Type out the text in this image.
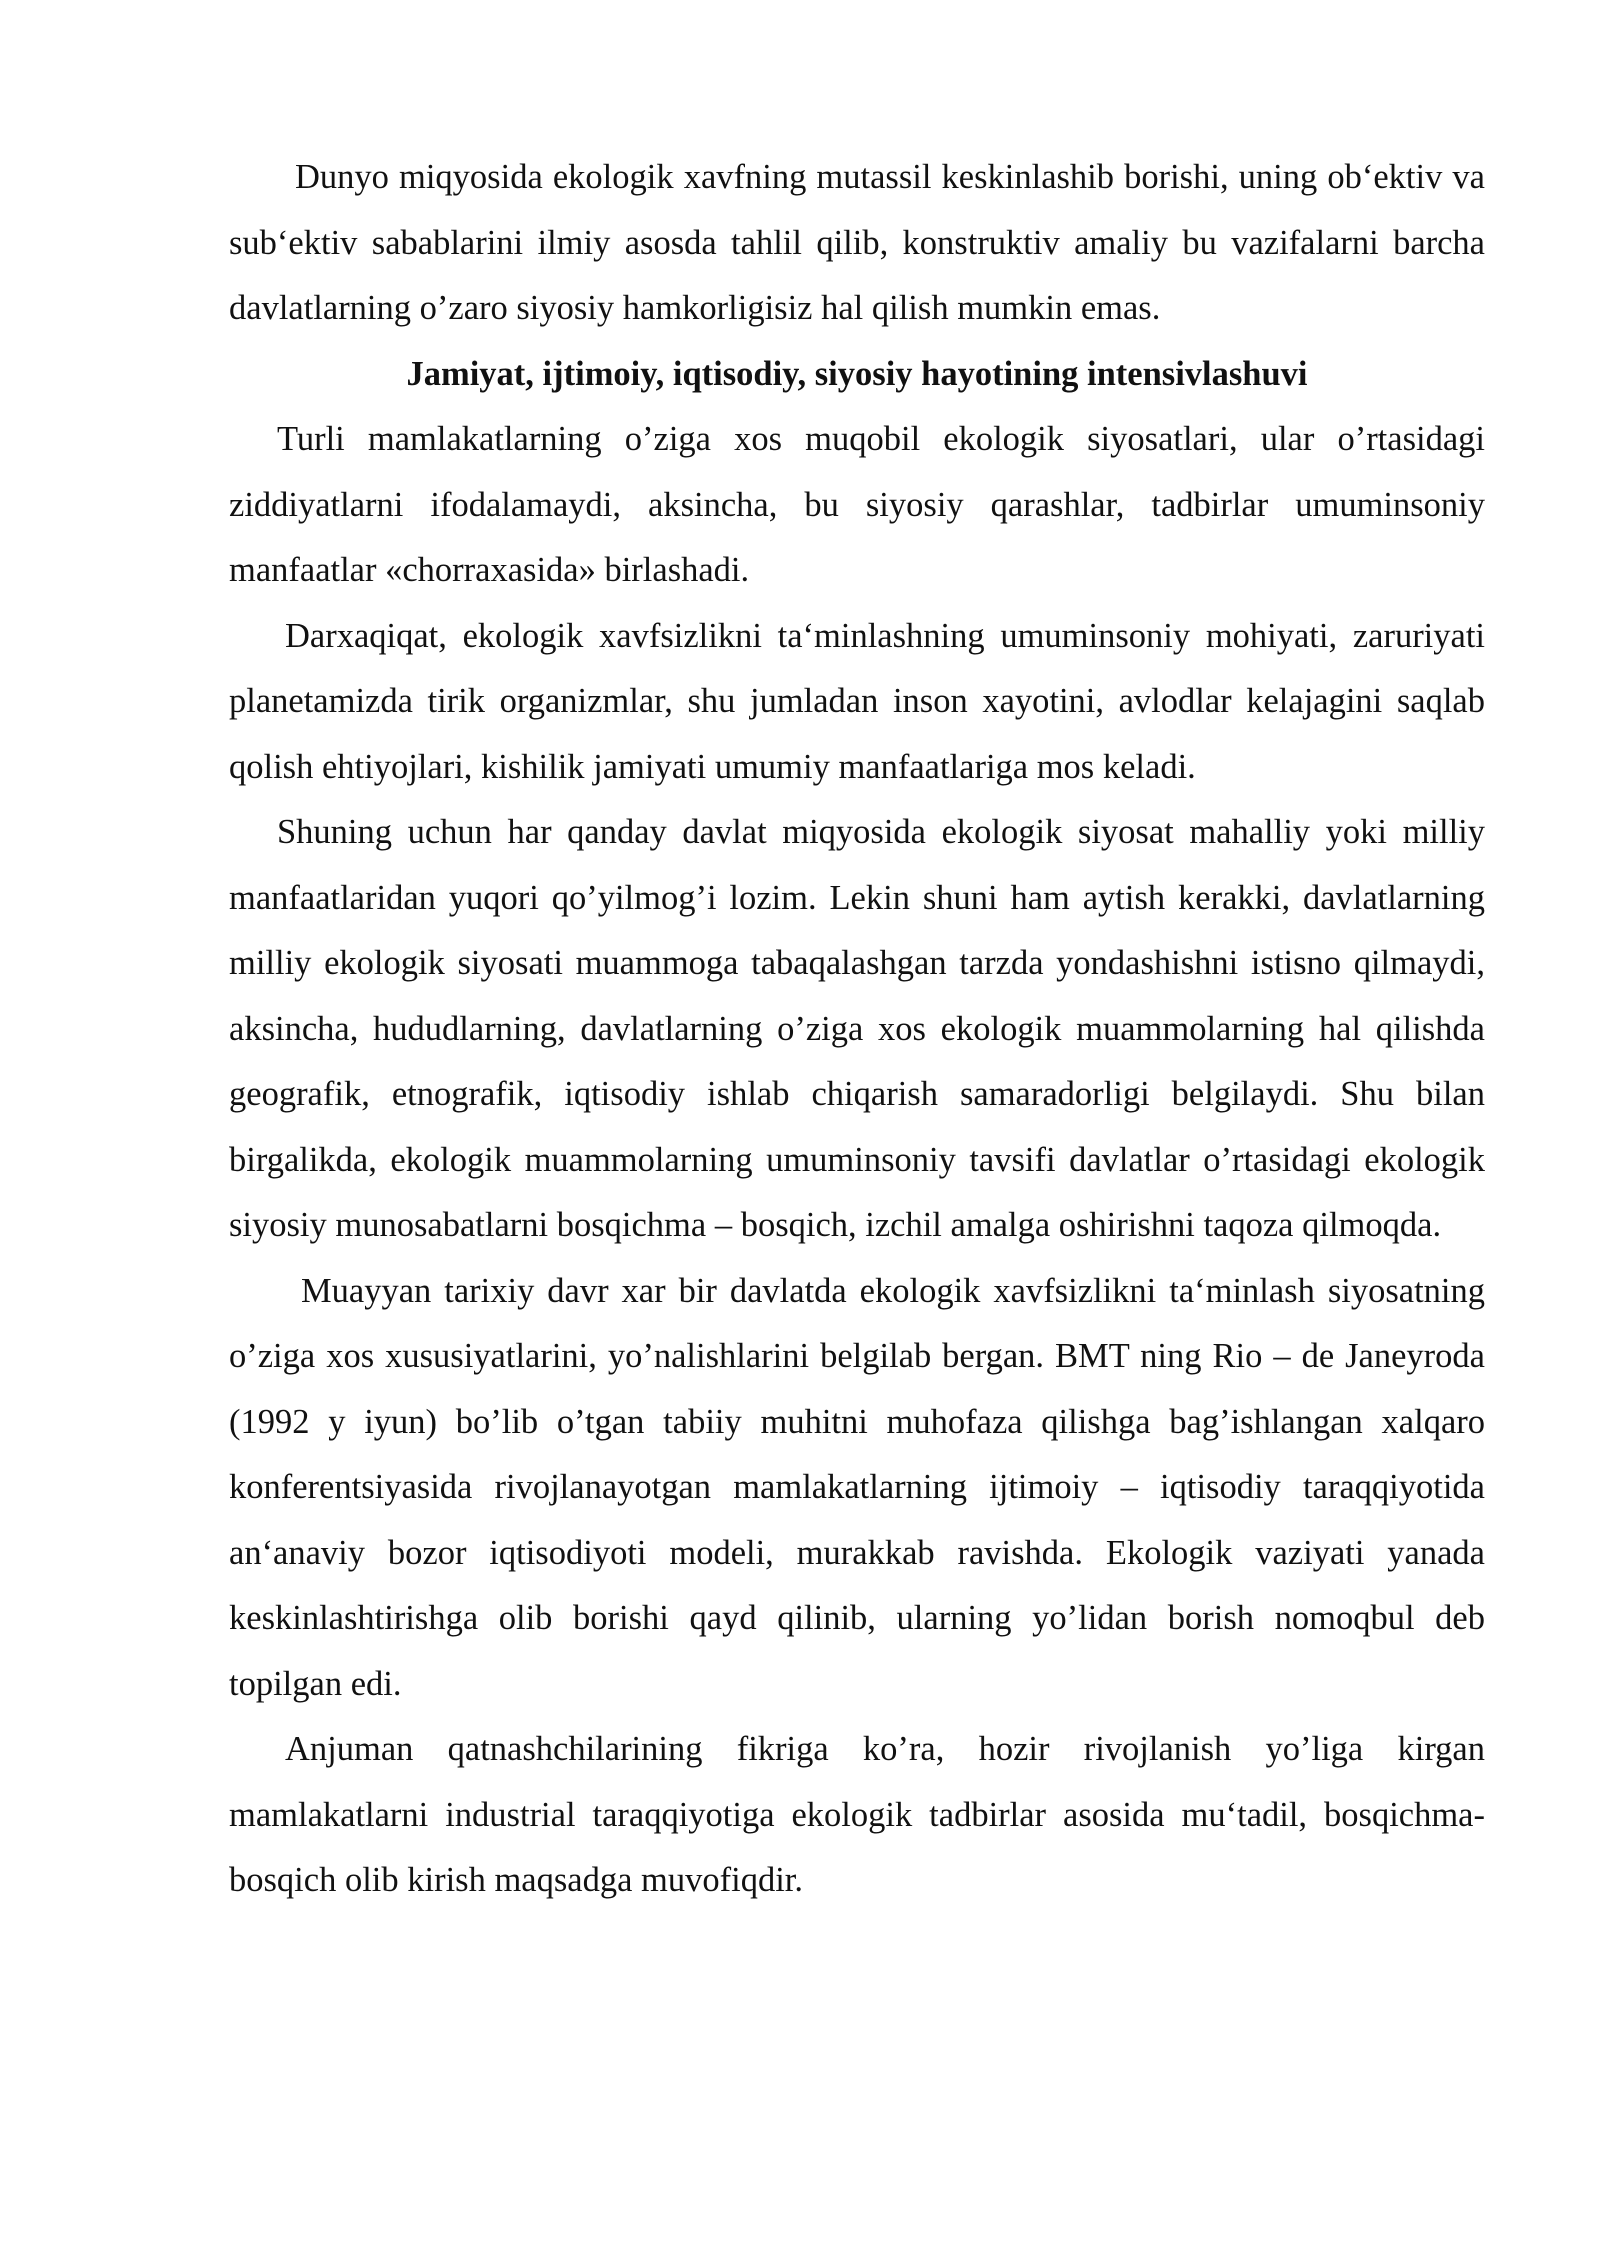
Dunyo miqyosida ekologik xavfning mutassil keskinlashib borishi, uning ob‘ektiv va sub‘ektiv sabablarini ilmiy asosda tahlil qilib, konstruktiv amaliy bu vazifalarni barcha davlatlarning o’zaro siyosiy hamkorligisiz hal qilish mumkin emas.

Jamiyat, ijtimoiy, iqtisodiy, siyosiy hayotining intensivlashuvi

Turli mamlakatlarning o’ziga xos muqobil ekologik siyosatlari, ular o’rtasidagi ziddiyatlarni ifodalamaydi, aksincha, bu siyosiy qarashlar, tadbirlar umuminsoniy manfaatlar «chorraxasida» birlashadi.

Darxaqiqat, ekologik xavfsizlikni ta‘minlashning umuminsoniy mohiyati, zaruriyati planetamizda tirik organizmlar, shu jumladan inson xayotini, avlodlar kelajagini saqlab qolish ehtiyojlari, kishilik jamiyati umumiy manfaatlariga mos keladi.

Shuning uchun har qanday davlat miqyosida ekologik siyosat mahalliy yoki milliy manfaatlaridan yuqori qo’yilmog’i lozim. Lekin shuni ham aytish kerakki, davlatlarning milliy ekologik siyosati muammoga tabaqalashgan tarzda yondashishni istisno qilmaydi, aksincha, hududlarning, davlatlarning o’ziga xos ekologik muammolarning hal qilishda geografik, etnografik, iqtisodiy ishlab chiqarish samaradorligi belgilaydi. Shu bilan birgalikda, ekologik muammolarning umuminsoniy tavsifi davlatlar o’rtasidagi ekologik siyosiy munosabatlarni bosqichma – bosqich, izchil amalga oshirishni taqoza qilmoqda.

Muayyan tarixiy davr xar bir davlatda ekologik xavfsizlikni ta‘minlash siyosatning o’ziga xos xususiyatlarini, yo’nalishlarini belgilab bergan. BMT ning Rio – de Janeyroda (1992 y iyun) bo’lib o’tgan tabiiy muhitni muhofaza qilishga bag’ishlangan xalqaro konferentsiyasida rivojlanayotgan mamlakatlarning ijtimoiy – iqtisodiy taraqqiyotida an‘anaviy bozor iqtisodiyoti modeli, murakkab ravishda. Ekologik vaziyati yanada keskinlashtirishga olib borishi qayd qilinib, ularning yo’lidan borish nomoqbul deb topilgan edi.

Anjuman qatnashchilarining fikriga ko’ra, hozir rivojlanish yo’liga kirgan mamlakatlarni industrial taraqqiyotiga ekologik tadbirlar asosida mu‘tadil, bosqichma-bosqich olib kirish maqsadga muvofiqdir.
